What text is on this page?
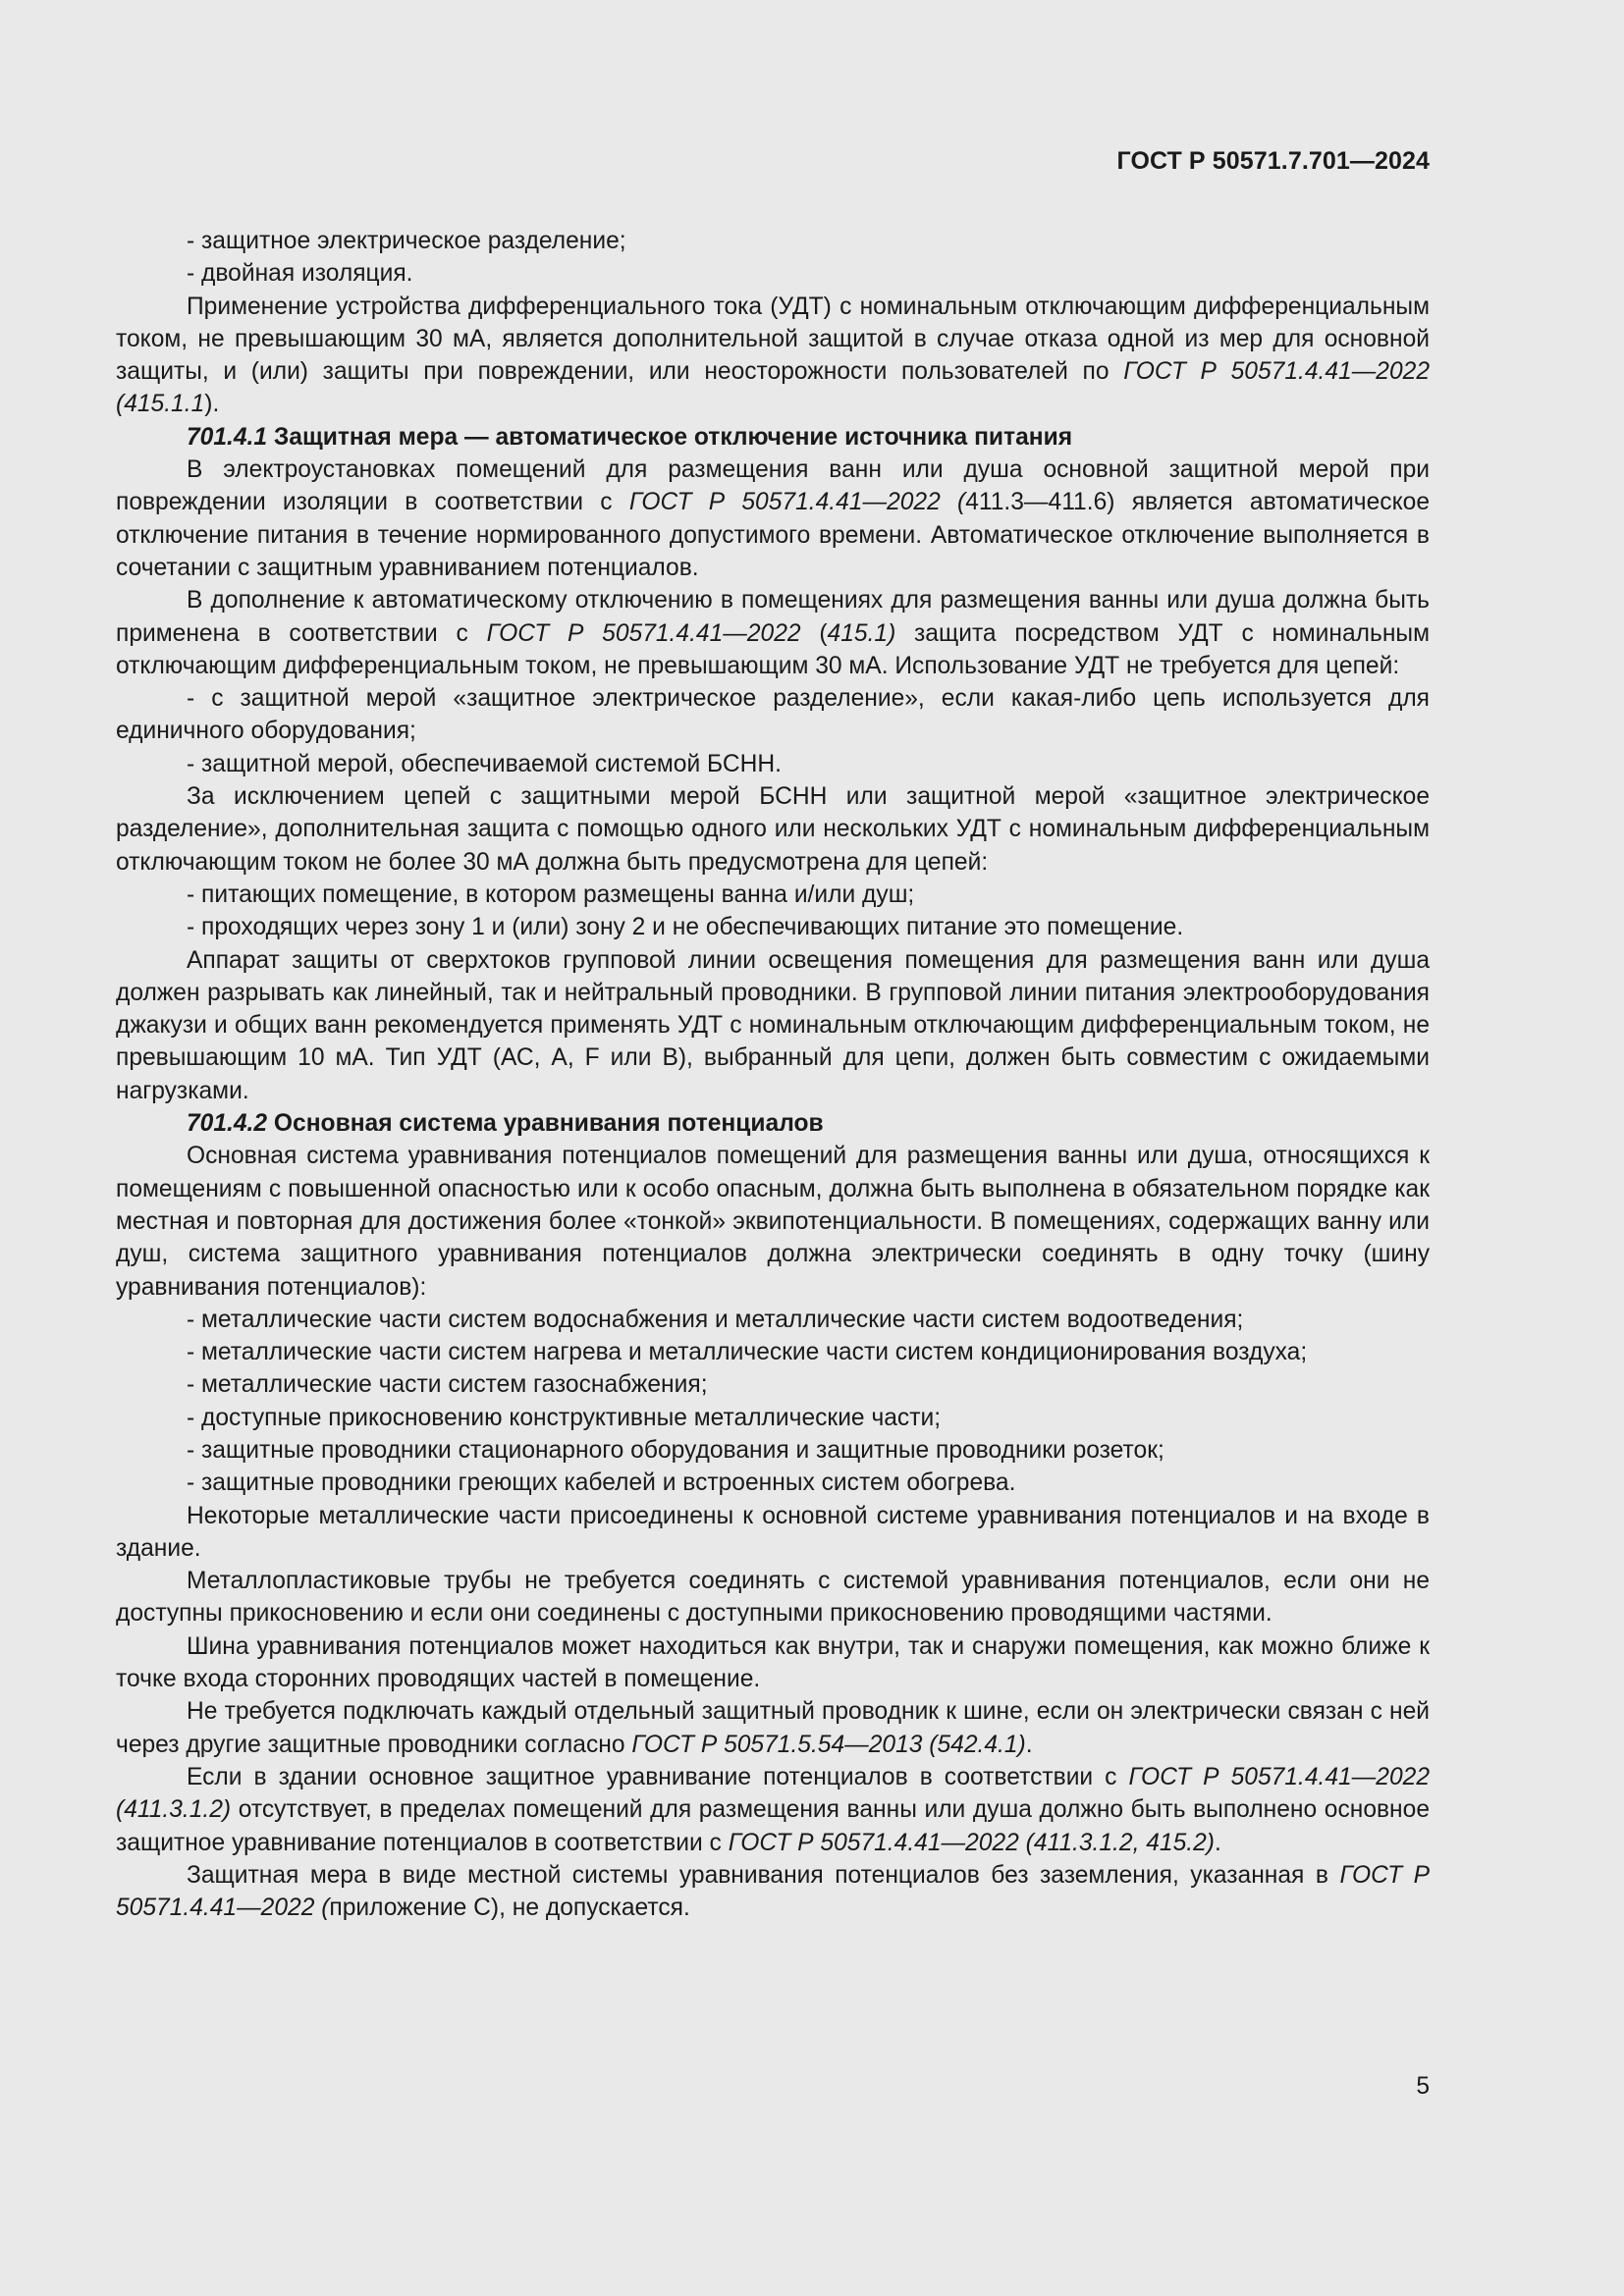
ГОСТ Р 50571.7.701—2024

- защитное электрическое разделение;

- двойная изоляция.

Применение устройства дифференциального тока (УДТ) с номинальным отключающим дифференциальным током, не превышающим 30 мА, является дополнительной защитой в случае отказа одной из мер для основной защиты, и (или) защиты при повреждении, или неосторожности пользователей по ГОСТ Р 50571.4.41—2022 (415.1.1).

701.4.1 Защитная мера — автоматическое отключение источника питания

В электроустановках помещений для размещения ванн или душа основной защитной мерой при повреждении изоляции в соответствии с ГОСТ Р 50571.4.41—2022 (411.3—411.6) является автоматическое отключение питания в течение нормированного допустимого времени. Автоматическое отключение выполняется в сочетании с защитным уравниванием потенциалов.

В дополнение к автоматическому отключению в помещениях для размещения ванны или душа должна быть применена в соответствии с ГОСТ Р 50571.4.41—2022 (415.1) защита посредством УДТ с номинальным отключающим дифференциальным током, не превышающим 30 мА. Использование УДТ не требуется для цепей:

- с защитной мерой «защитное электрическое разделение», если какая-либо цепь используется для единичного оборудования;

- защитной мерой, обеспечиваемой системой БСНН.

За исключением цепей с защитными мерой БСНН или защитной мерой «защитное электрическое разделение», дополнительная защита с помощью одного или нескольких УДТ с номинальным дифференциальным отключающим током не более 30 мА должна быть предусмотрена для цепей:

- питающих помещение, в котором размещены ванна и/или душ;

- проходящих через зону 1 и (или) зону 2 и не обеспечивающих питание это помещение.

Аппарат защиты от сверхтоков групповой линии освещения помещения для размещения ванн или душа должен разрывать как линейный, так и нейтральный проводники. В групповой линии питания электрооборудования джакузи и общих ванн рекомендуется применять УДТ с номинальным отключающим дифференциальным током, не превышающим 10 мА. Тип УДТ (АС, А, F или В), выбранный для цепи, должен быть совместим с ожидаемыми нагрузками.

701.4.2 Основная система уравнивания потенциалов

Основная система уравнивания потенциалов помещений для размещения ванны или душа, относящихся к помещениям с повышенной опасностью или к особо опасным, должна быть выполнена в обязательном порядке как местная и повторная для достижения более «тонкой» эквипотенциальности. В помещениях, содержащих ванну или душ, система защитного уравнивания потенциалов должна электрически соединять в одну точку (шину уравнивания потенциалов):

- металлические части систем водоснабжения и металлические части систем водоотведения;

- металлические части систем нагрева и металлические части систем кондиционирования воздуха;

- металлические части систем газоснабжения;

- доступные прикосновению конструктивные металлические части;

- защитные проводники стационарного оборудования и защитные проводники розеток;

- защитные проводники греющих кабелей и встроенных систем обогрева.

Некоторые металлические части присоединены к основной системе уравнивания потенциалов и на входе в здание.

Металлопластиковые трубы не требуется соединять с системой уравнивания потенциалов, если они не доступны прикосновению и если они соединены с доступными прикосновению проводящими частями.

Шина уравнивания потенциалов может находиться как внутри, так и снаружи помещения, как можно ближе к точке входа сторонних проводящих частей в помещение.

Не требуется подключать каждый отдельный защитный проводник к шине, если он электрически связан с ней через другие защитные проводники согласно ГОСТ Р 50571.5.54—2013 (542.4.1).

Если в здании основное защитное уравнивание потенциалов в соответствии с ГОСТ Р 50571.4.41—2022 (411.3.1.2) отсутствует, в пределах помещений для размещения ванны или душа должно быть выполнено основное защитное уравнивание потенциалов в соответствии с ГОСТ Р 50571.4.41—2022 (411.3.1.2, 415.2).

Защитная мера в виде местной системы уравнивания потенциалов без заземления, указанная в ГОСТ Р 50571.4.41—2022 (приложение С), не допускается.

5
